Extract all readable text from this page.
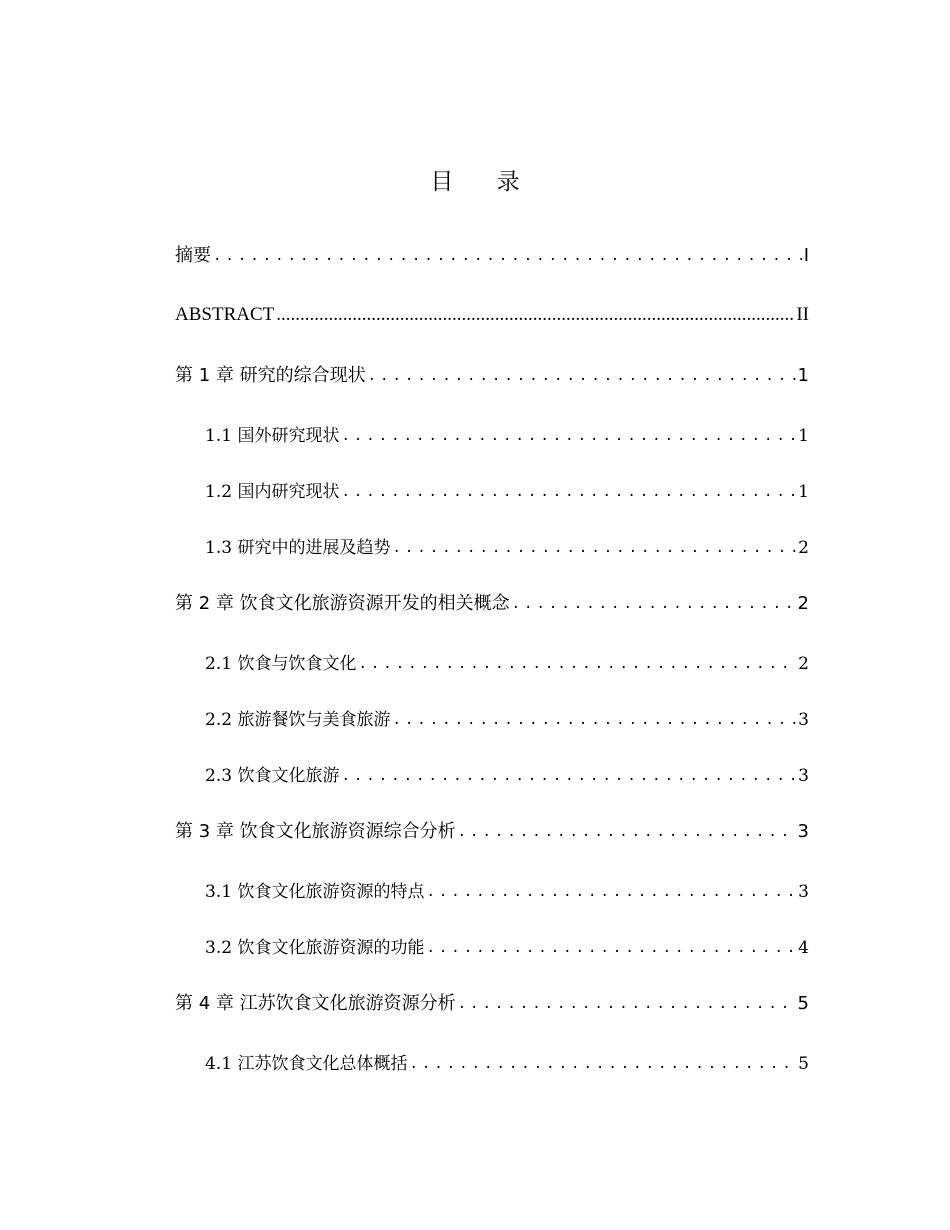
目 录
摘要 .....	I
ABSTRACT .....	II
第 1 章 研究的综合现状 .....	1
1.1 国外研究现状 .....	1
1.2 国内研究现状 .....	1
1.3 研究中的进展及趋势 .....	2
第 2 章 饮食文化旅游资源开发的相关概念 .....	2
2.1 饮食与饮食文化 .....	2
2.2 旅游餐饮与美食旅游 .....	3
2.3 饮食文化旅游 .....	3
第 3 章 饮食文化旅游资源综合分析 .....	3
3.1 饮食文化旅游资源的特点 .....	3
3.2 饮食文化旅游资源的功能 .....	4
第 4 章 江苏饮食文化旅游资源分析 .....	5
4.1 江苏饮食文化总体概括 .....	5
